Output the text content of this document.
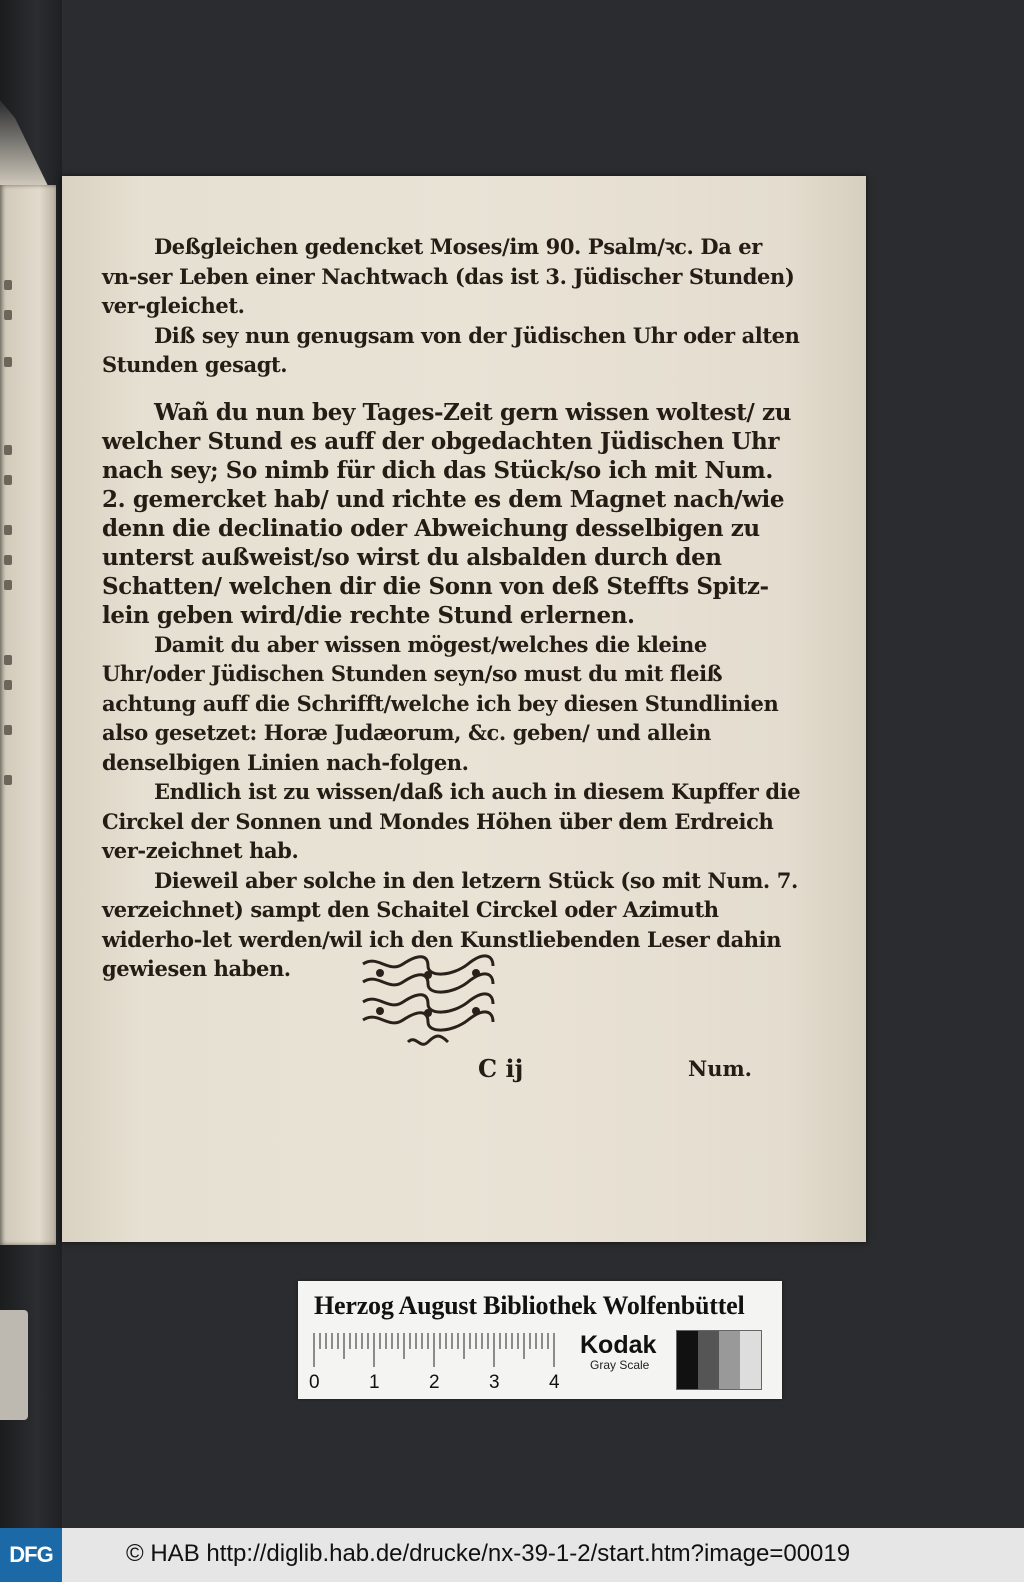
Deßgleichen gedencket Moses/im 90. Psalm/ꝛc. Da er vn-ser Leben einer Nachtwach (das ist 3. Jüdischer Stunden) ver-gleichet.

Diß sey nun genugsam von der Jüdischen Uhr oder alten Stunden gesagt.

Wañ du nun bey Tages-Zeit gern wissen woltest/ zu welcher Stund es auff der obgedachten Jüdischen Uhr nach sey; So nimb für dich das Stück/so ich mit Num. 2. gemercket hab/ und richte es dem Magnet nach/wie denn die declinatio oder Abweichung desselbigen zu unterst außweist/so wirst du alsbalden durch den Schatten/ welchen dir die Sonn von deß Steffts Spitz-lein geben wird/die rechte Stund erlernen.

Damit du aber wissen mögest/welches die kleine Uhr/oder Jüdischen Stunden seyn/so must du mit fleiß achtung auff die Schrifft/welche ich bey diesen Stundlinien also gesetzet: Horæ Judæorum, &c. geben/ und allein denselbigen Linien nach-folgen.

Endlich ist zu wissen/daß ich auch in diesem Kupffer die Circkel der Sonnen und Mondes Höhen über dem Erdreich ver-zeichnet hab.

Dieweil aber solche in den letzern Stück (so mit Num. 7. verzeichnet) sampt den Schaitel Circkel oder Azimuth widerho-let werden/wil ich den Kunstliebenden Leser dahin gewiesen haben.

C ij	Num.
Herzog August Bibliothek Wolfenbüttel
0	1	2	3	4
Kodak
Gray Scale
DFG	© HAB http://diglib.hab.de/drucke/nx-39-1-2/start.htm?image=00019
